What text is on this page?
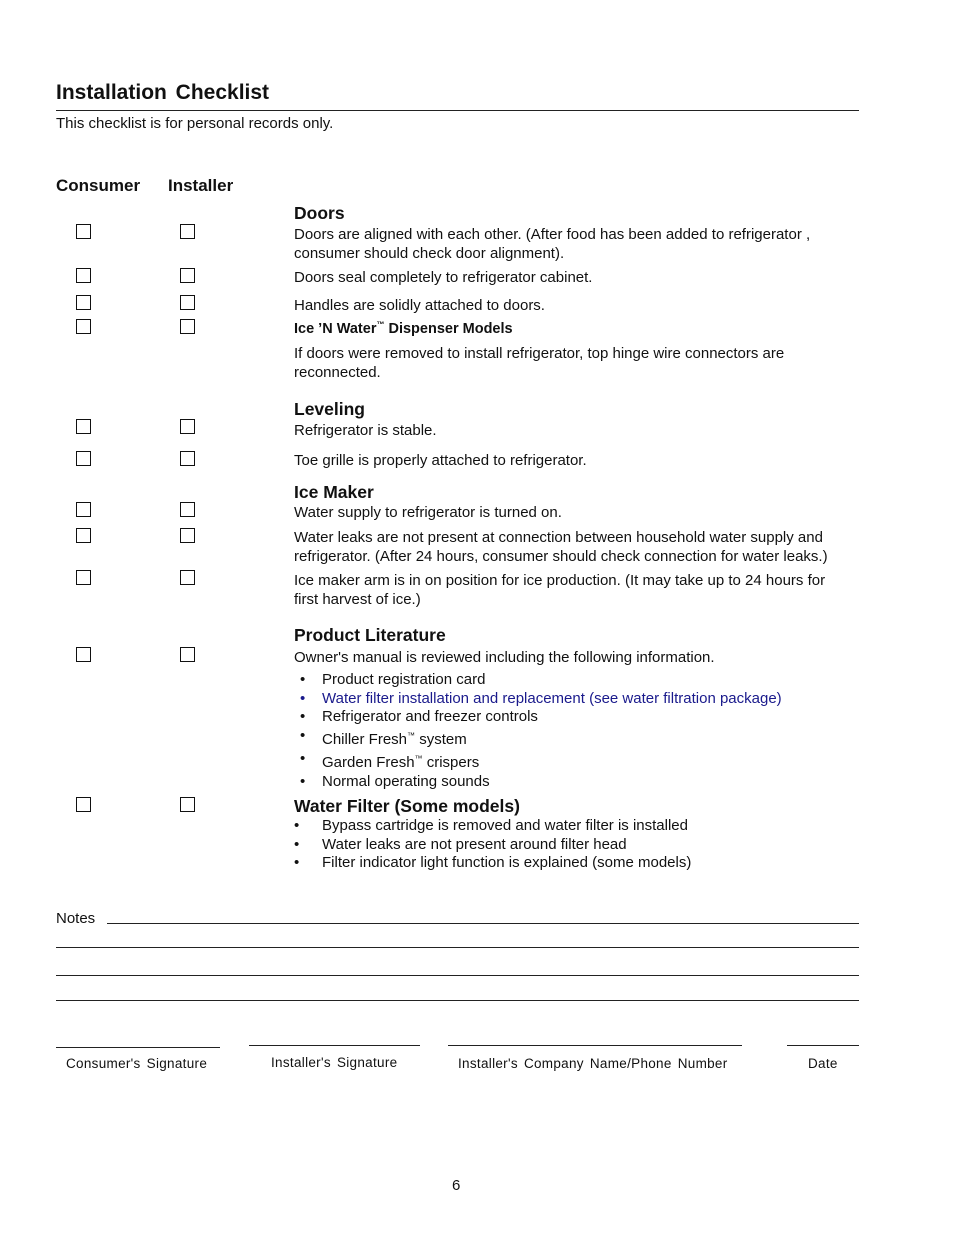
Installation Checklist
This checklist is for personal records only.
Consumer Installer
Doors
Doors are aligned with each other. (After food has been added to refrigerator , consumer should check door alignment).
Doors seal completely to refrigerator cabinet.
Handles are solidly attached to doors.
Ice ’N Water™ Dispenser Models
If doors were removed to install refrigerator, top hinge wire connectors are reconnected.
Leveling
Refrigerator is stable.
Toe grille is properly attached to refrigerator.
Ice Maker
Water supply to refrigerator is turned on.
Water leaks are not present at connection between household water supply and refrigerator. (After 24 hours, consumer should check connection for water leaks.)
Ice maker arm is in on position for ice production. (It may take up to 24 hours for first harvest of ice.)
Product Literature
Owner's manual is reviewed including the following information.
• Product registration card
• Water filter installation and replacement (see water filtration package)
• Refrigerator and freezer controls
• Chiller Fresh™ system
• Garden Fresh™ crispers
• Normal operating sounds
Water Filter (Some models)
• Bypass cartridge is removed and water filter is installed
• Water leaks are not present around filter head
• Filter indicator light function is explained (some models)
Notes
Consumer's Signature	Installer's Signature	Installer's Company Name/Phone Number	Date
6
